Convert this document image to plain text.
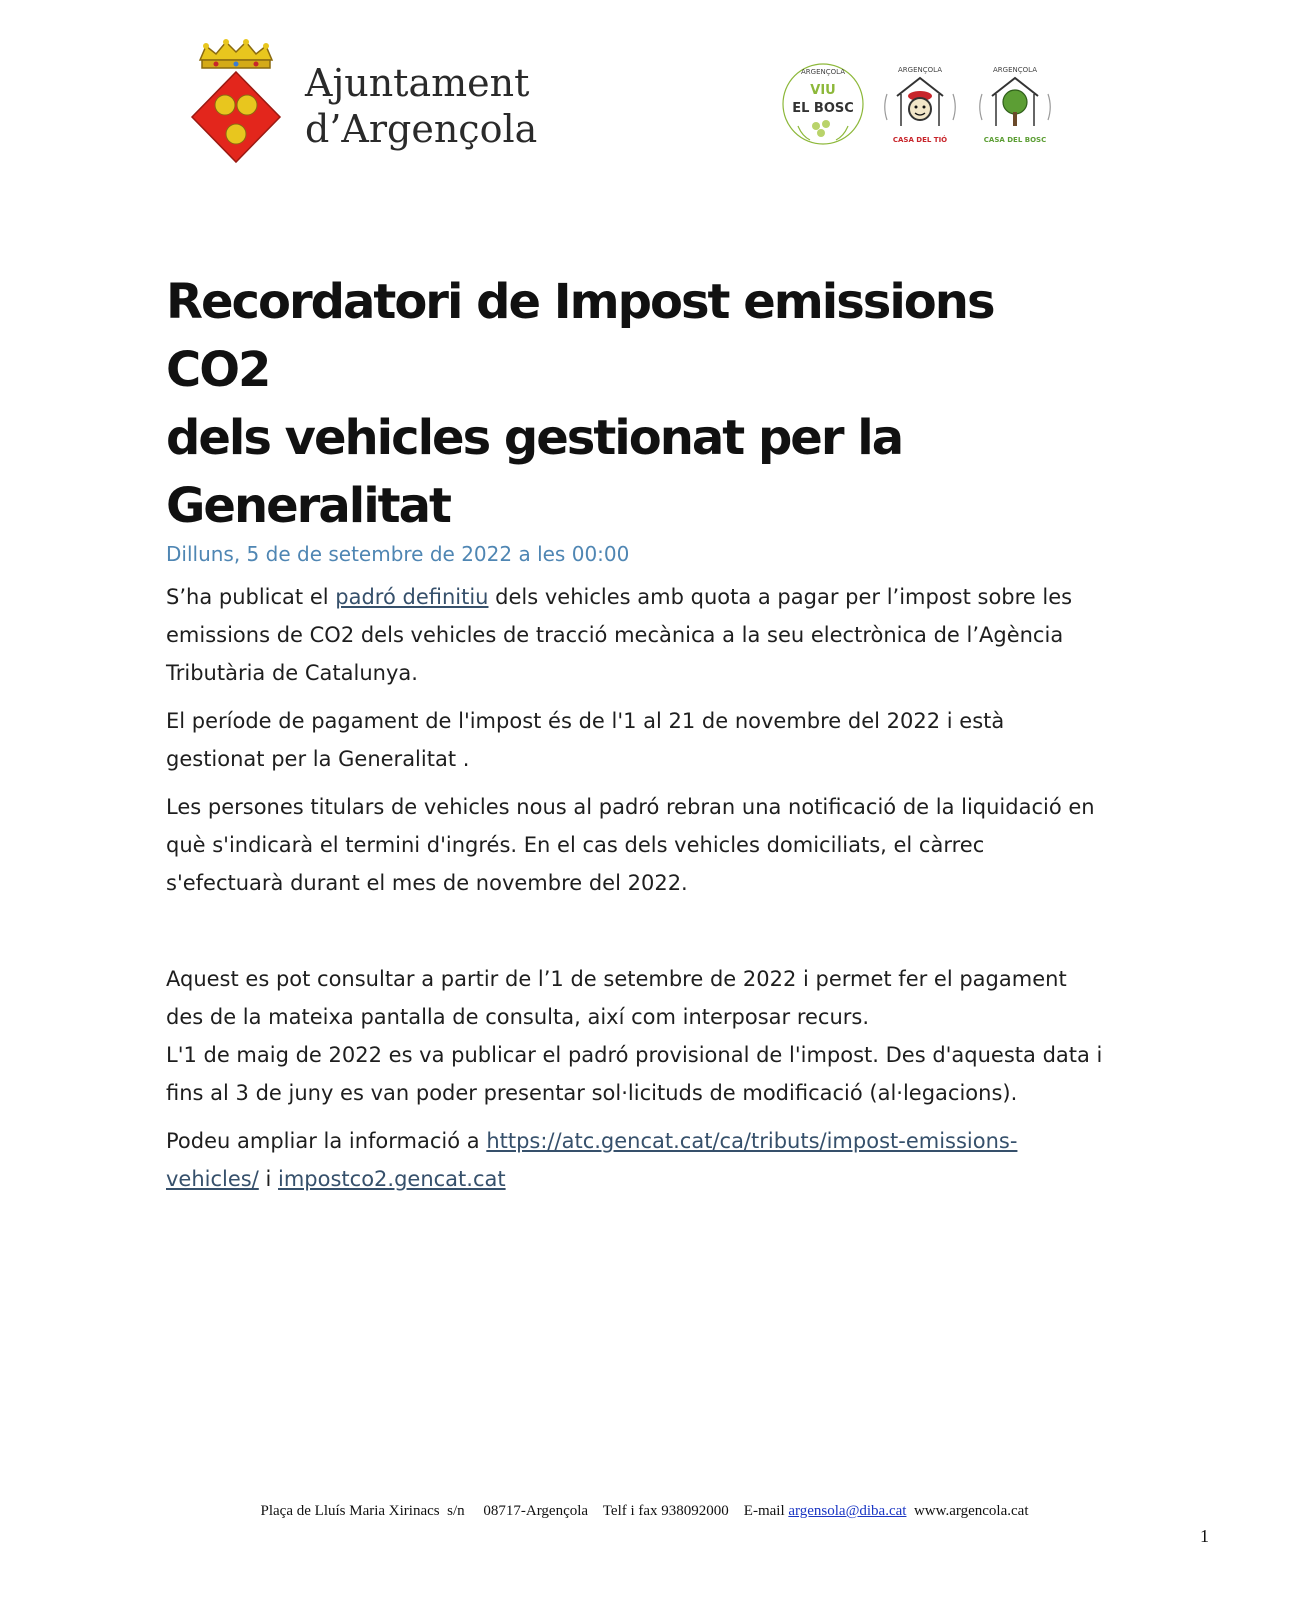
Ajuntament
d’Argençola
ARGENÇOLA
VIU
EL BOSC
ARGENÇOLA
CASA DEL TIÓ
ARGENÇOLA
CASA DEL BOSC
Recordatori de Impost emissions CO2
dels vehicles gestionat per la Generalitat
Dilluns, 5 de de setembre de 2022 a les 00:00

S’ha publicat el padró definitiu dels vehicles amb quota a pagar per l’impost sobre les emissions de CO2 dels vehicles de tracció mecànica a la seu electrònica de l’Agència Tributària de Catalunya.

El període de pagament de l'impost és de l'1 al 21 de novembre del 2022 i està gestionat per la Generalitat .

Les persones titulars de vehicles nous al padró rebran una notificació de la liquidació en què s'indicarà el termini d'ingrés. En el cas dels vehicles domiciliats, el càrrec s'efectuarà durant el mes de novembre del 2022.

Aquest es pot consultar a partir de l’1 de setembre de 2022 i permet fer el pagament des de la mateixa pantalla de consulta, així com interposar recurs.
L'1 de maig de 2022 es va publicar el padró provisional de l'impost. Des d'aquesta data i fins al 3 de juny es van poder presentar sol·licituds de modificació (al·legacions).

Podeu ampliar la informació a https://atc.gencat.cat/ca/tributs/impost-emissions-vehicles/ i impostco2.gencat.cat

Plaça de Lluís Maria Xirinacs  s/n     08717-Argençola    Telf i fax 938092000    E-mail argensola@diba.cat  www.argencola.cat
1
